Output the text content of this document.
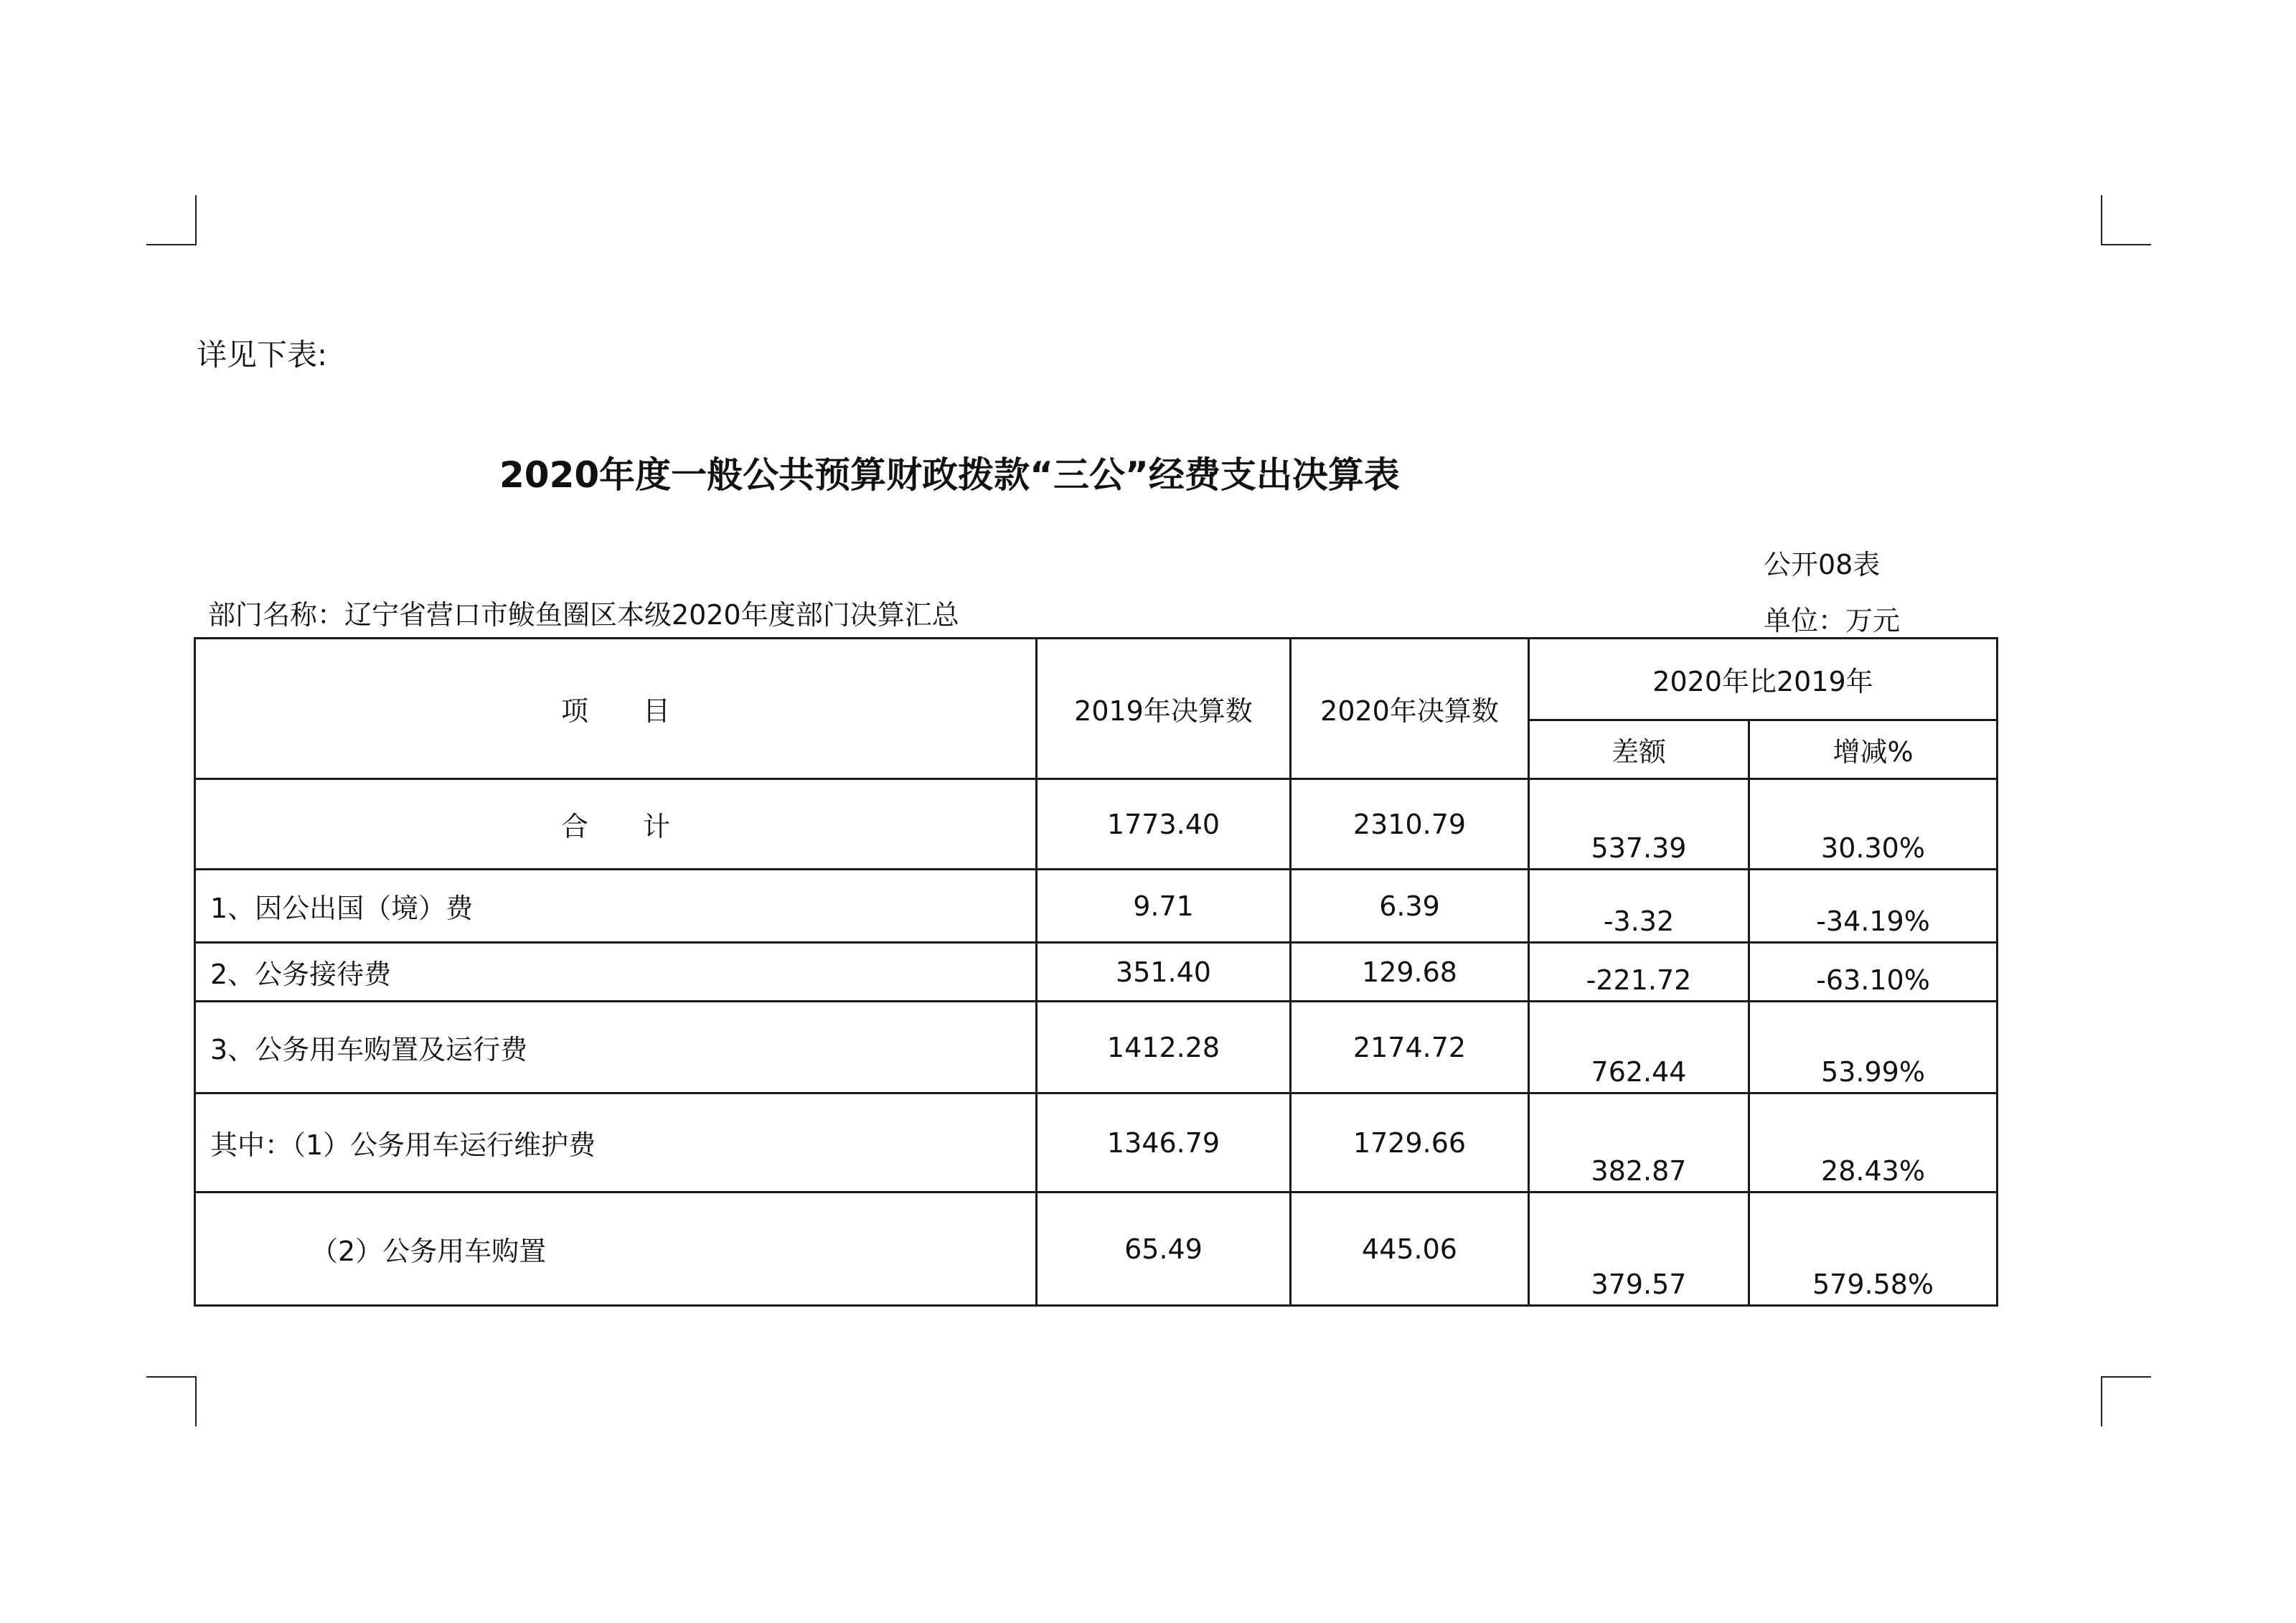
详见下表:
2020年度一般公共预算财政拨款“三公”经费支出决算表
公开08表
部门名称：辽宁省营口市鲅鱼圈区本级2020年度部门决算汇总	单位：万元
项　　目	2019年决算数	2020年决算数	2020年比2019年	
			差额	增减%
合　　计	1773.40	2310.79	537.39	30.30%
1、因公出国（境）费	9.71	6.39	-3.32	-34.19%
2、公务接待费	351.40	129.68	-221.72	-63.10%
3、公务用车购置及运行费	1412.28	2174.72	762.44	53.99%
其中：（1）公务用车运行维护费	1346.79	1729.66	382.87	28.43%
（2）公务用车购置	65.49	445.06	379.57	579.58%
